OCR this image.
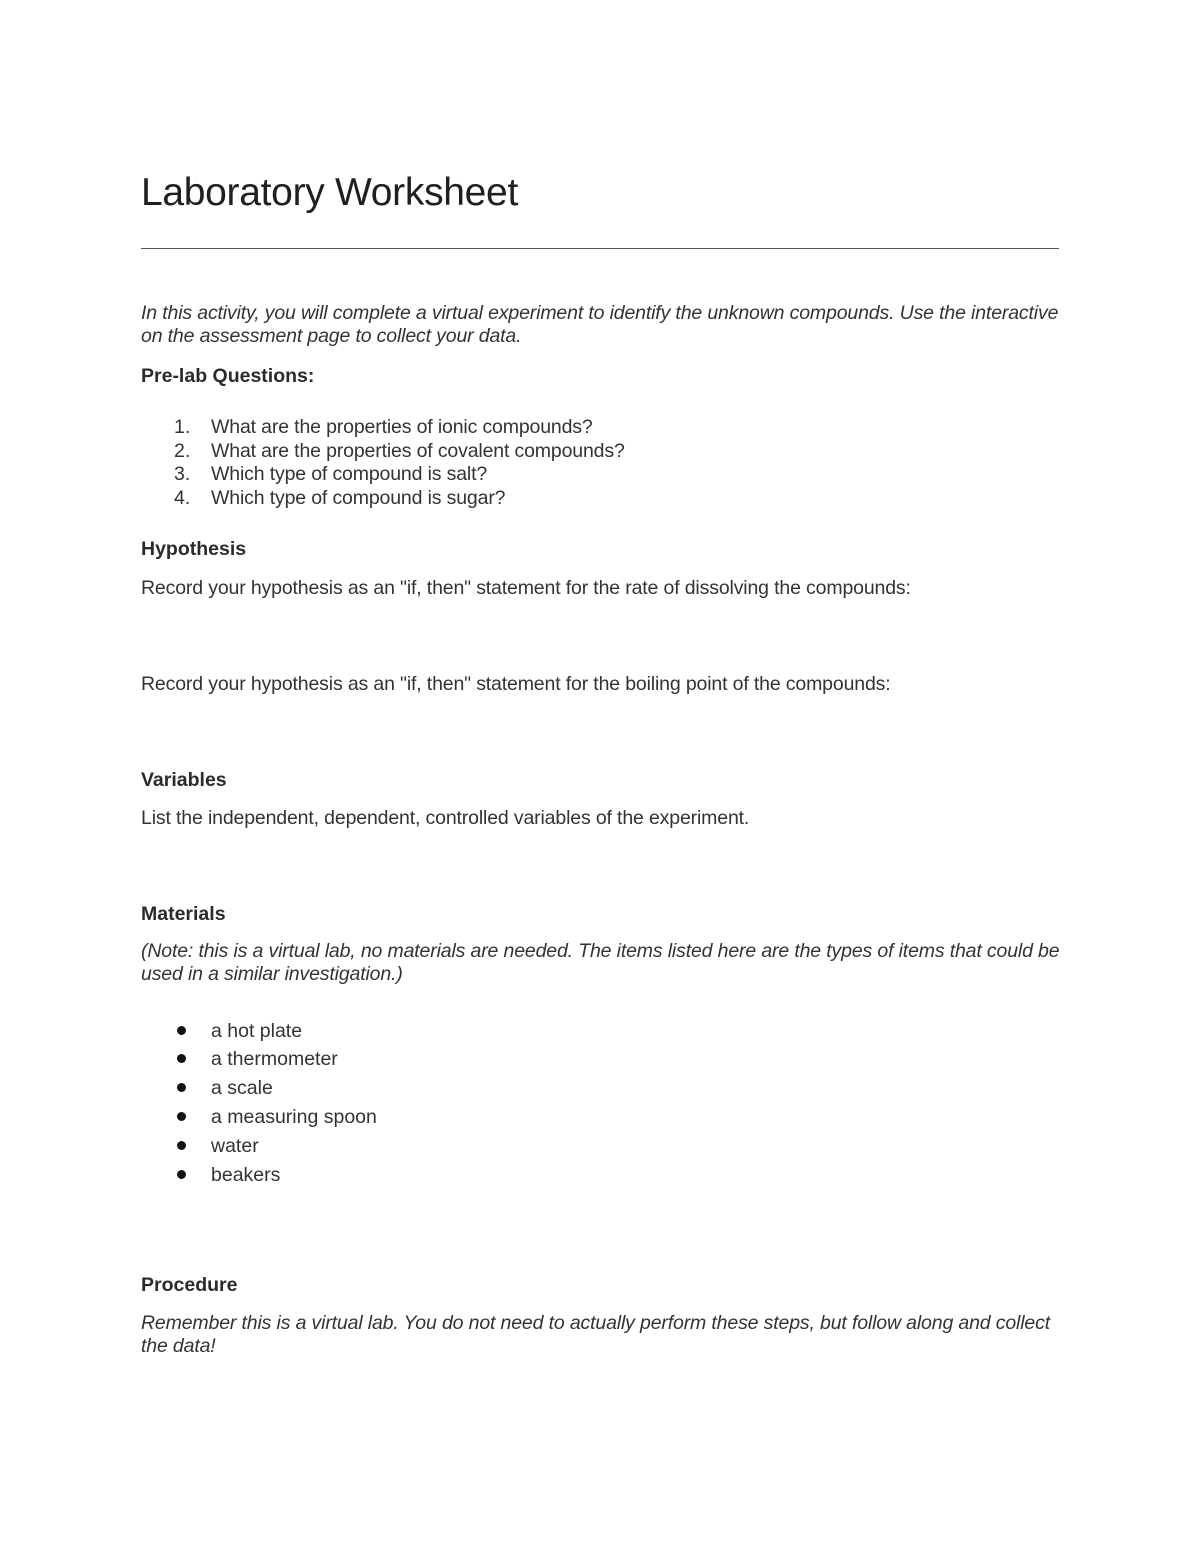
Laboratory Worksheet

In this activity, you will complete a virtual experiment to identify the unknown compounds. Use the interactive on the assessment page to collect your data.

Pre-lab Questions:
1. What are the properties of ionic compounds?
2. What are the properties of covalent compounds?
3. Which type of compound is salt?
4. Which type of compound is sugar?
Hypothesis
Record your hypothesis as an "if, then" statement for the rate of dissolving the compounds:
Record your hypothesis as an "if, then" statement for the boiling point of the compounds:
Variables
List the independent, dependent, controlled variables of the experiment.
Materials

(Note: this is a virtual lab, no materials are needed. The items listed here are the types of items that could be used in a similar investigation.)

a hot plate
a thermometer
a scale
a measuring spoon
water
beakers
Procedure

Remember this is a virtual lab. You do not need to actually perform these steps, but follow along and collect the data!
